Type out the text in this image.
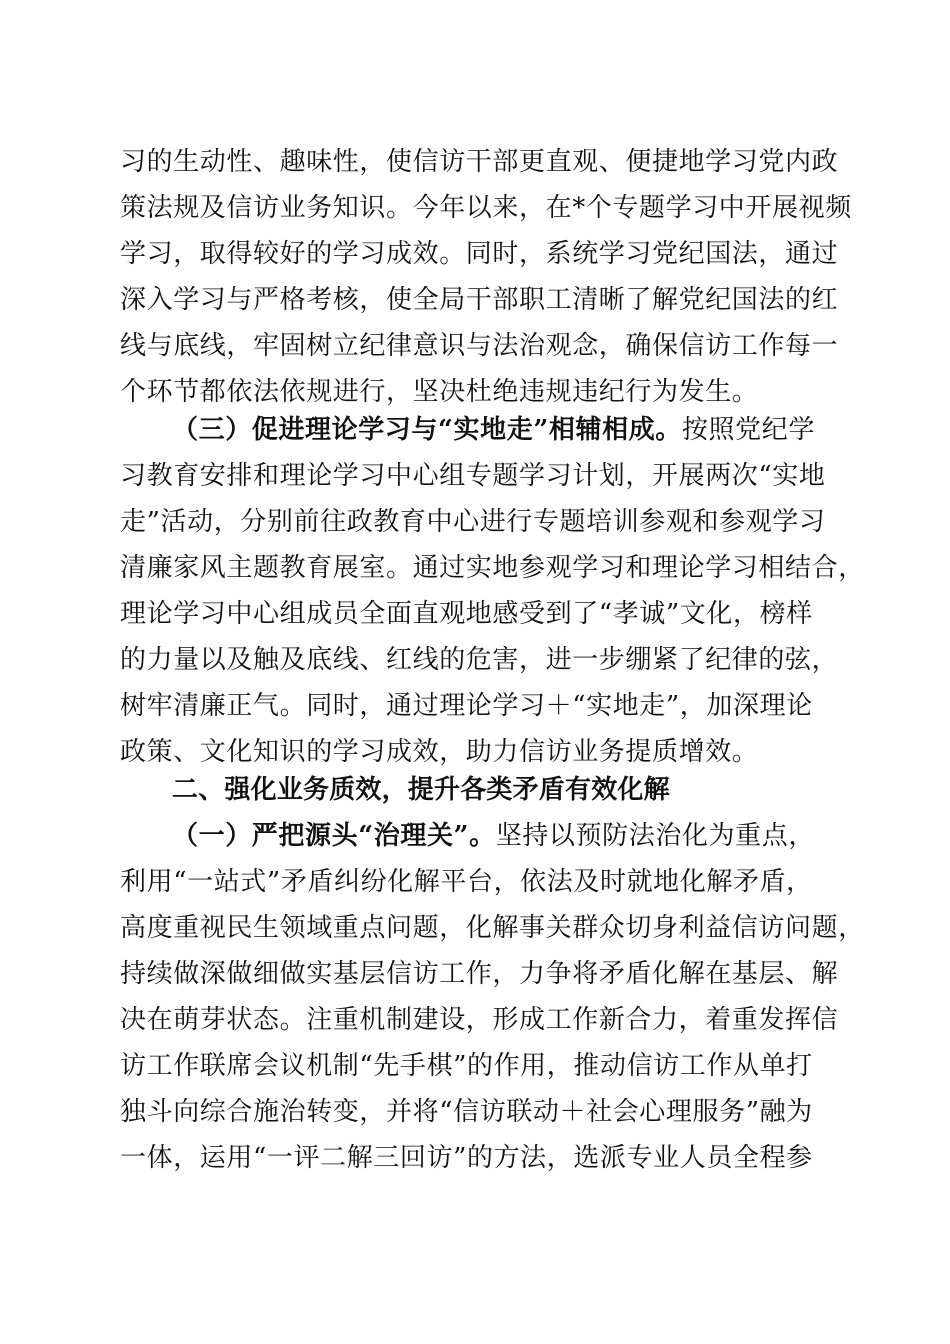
习的生动性、趣味性，使信访干部更直观、便捷地学习党内政
策法规及信访业务知识。今年以来，在*个专题学习中开展视频
学习，取得较好的学习成效。同时，系统学习党纪国法，通过
深入学习与严格考核，使全局干部职工清晰了解党纪国法的红
线与底线，牢固树立纪律意识与法治观念，确保信访工作每一
个环节都依法依规进行，坚决杜绝违规违纪行为发生。
（三）促进理论学习与“实地走”相辅相成。按照党纪学
习教育安排和理论学习中心组专题学习计划，开展两次“实地
走”活动，分别前往政教育中心进行专题培训参观和参观学习
清廉家风主题教育展室。通过实地参观学习和理论学习相结合，
理论学习中心组成员全面直观地感受到了“孝诚”文化，榜样
的力量以及触及底线、红线的危害，进一步绷紧了纪律的弦，
树牢清廉正气。同时，通过理论学习＋“实地走”，加深理论
政策、文化知识的学习成效，助力信访业务提质增效。
二、强化业务质效，提升各类矛盾有效化解
（一）严把源头“治理关”。坚持以预防法治化为重点，
利用“一站式”矛盾纠纷化解平台，依法及时就地化解矛盾，
高度重视民生领域重点问题，化解事关群众切身利益信访问题，
持续做深做细做实基层信访工作，力争将矛盾化解在基层、解
决在萌芽状态。注重机制建设，形成工作新合力，着重发挥信
访工作联席会议机制“先手棋”的作用，推动信访工作从单打
独斗向综合施治转变，并将“信访联动＋社会心理服务”融为
一体，运用“一评二解三回访”的方法，选派专业人员全程参
